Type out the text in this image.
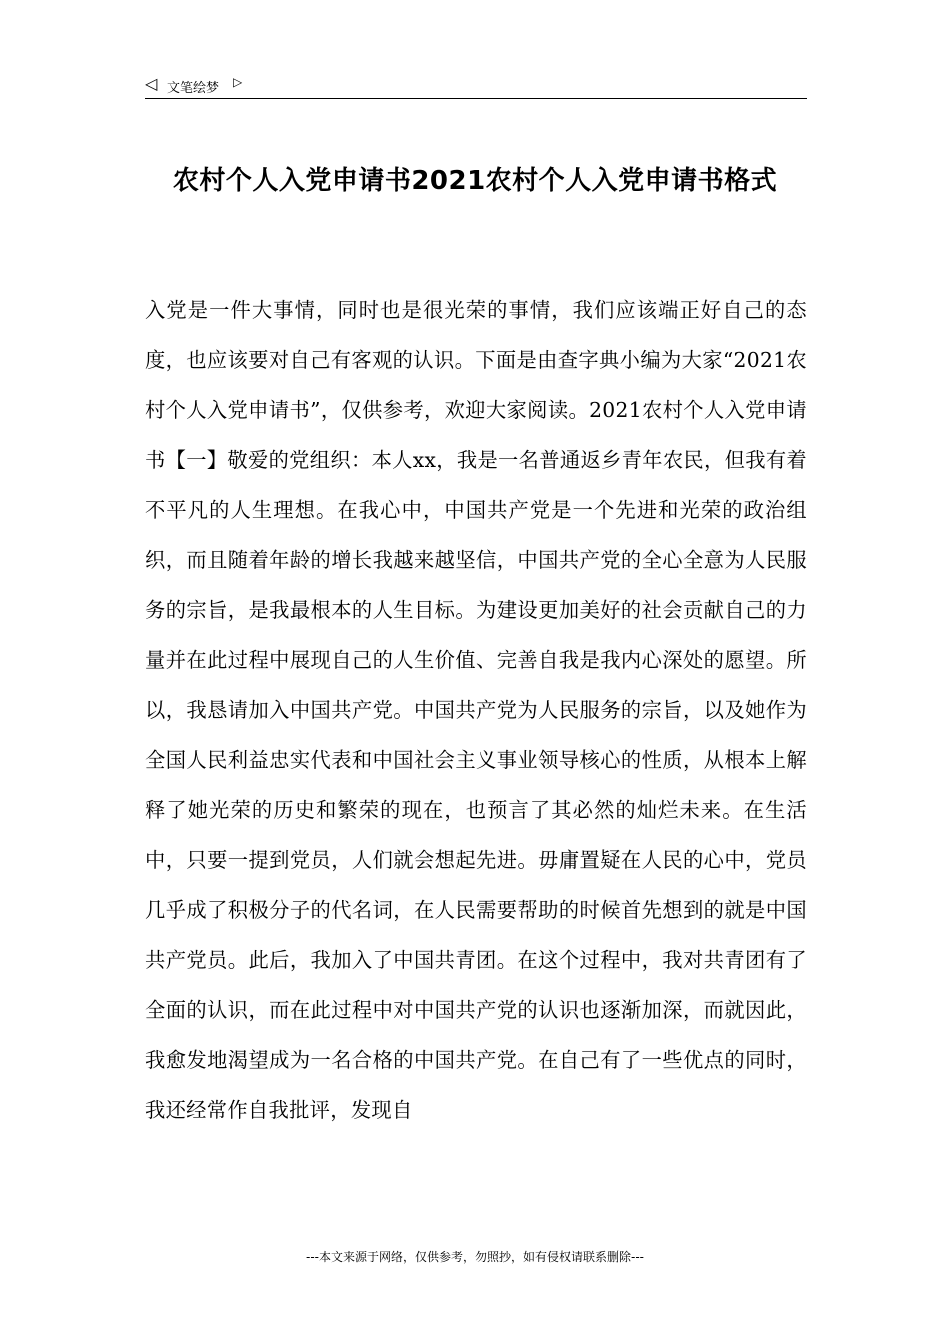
◁ 文笔绘梦 ▷
农村个人入党申请书2021农村个人入党申请书格式

入党是一件大事情，同时也是很光荣的事情，我们应该端正好自己的态度，也应该要对自己有客观的认识。下面是由查字典小编为大家“2021农村个人入党申请书”，仅供参考，欢迎大家阅读。2021农村个人入党申请书【一】敬爱的党组织：本人xx，我是一名普通返乡青年农民，但我有着不平凡的人生理想。在我心中，中国共产党是一个先进和光荣的政治组织，而且随着年龄的增长我越来越坚信，中国共产党的全心全意为人民服务的宗旨，是我最根本的人生目标。为建设更加美好的社会贡献自己的力量并在此过程中展现自己的人生价值、完善自我是我内心深处的愿望。所以，我恳请加入中国共产党。中国共产党为人民服务的宗旨，以及她作为全国人民利益忠实代表和中国社会主义事业领导核心的性质，从根本上解释了她光荣的历史和繁荣的现在，也预言了其必然的灿烂未来。在生活中，只要一提到党员，人们就会想起先进。毋庸置疑在人民的心中，党员几乎成了积极分子的代名词，在人民需要帮助的时候首先想到的就是中国共产党员。此后，我加入了中国共青团。在这个过程中，我对共青团有了全面的认识，而在此过程中对中国共产党的认识也逐渐加深，而就因此，我愈发地渴望成为一名合格的中国共产党。在自己有了一些优点的同时，我还经常作自我批评，发现自

---本文来源于网络，仅供参考，勿照抄，如有侵权请联系删除---
